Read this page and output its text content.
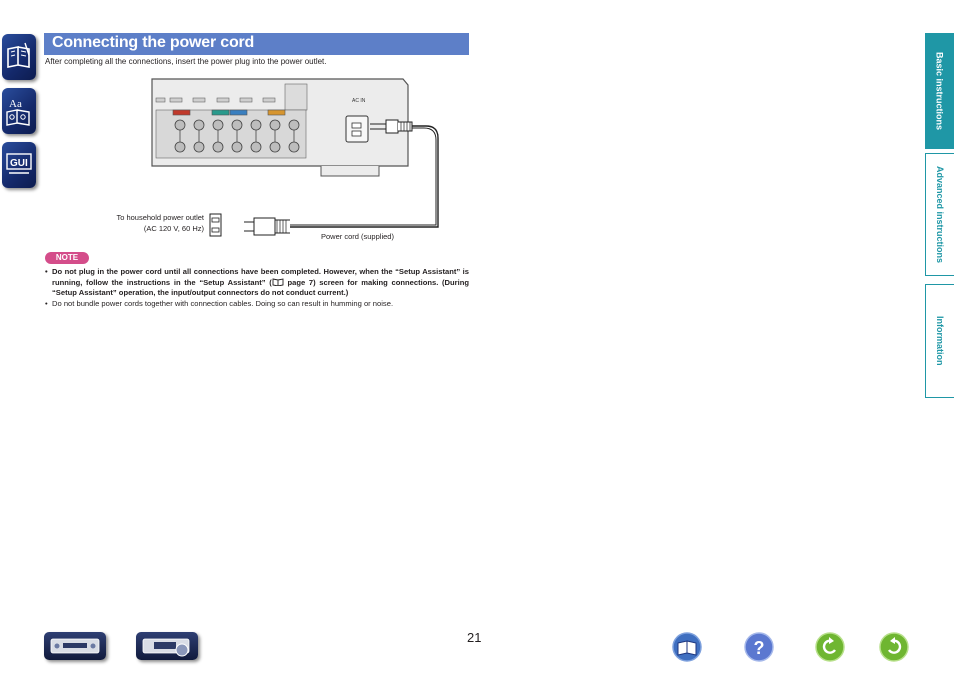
Aa
GUI
Connecting the power cord
After completing all the connections, insert the power plug into the power outlet.
AC IN
To household power outlet
(AC 120 V, 60 Hz)
Power cord (supplied)
NOTE
• Do not plug in the power cord until all connections have been completed. However, when the “Setup Assistant” is running, follow the instructions in the “Setup Assistant” ( page 7) screen for making connections. (During “Setup Assistant” operation, the input/output connectors do not conduct current.)
• Do not bundle power cords together with connection cables. Doing so can result in humming or noise.
Basic instructions
Advanced instructions
Information
21
?
